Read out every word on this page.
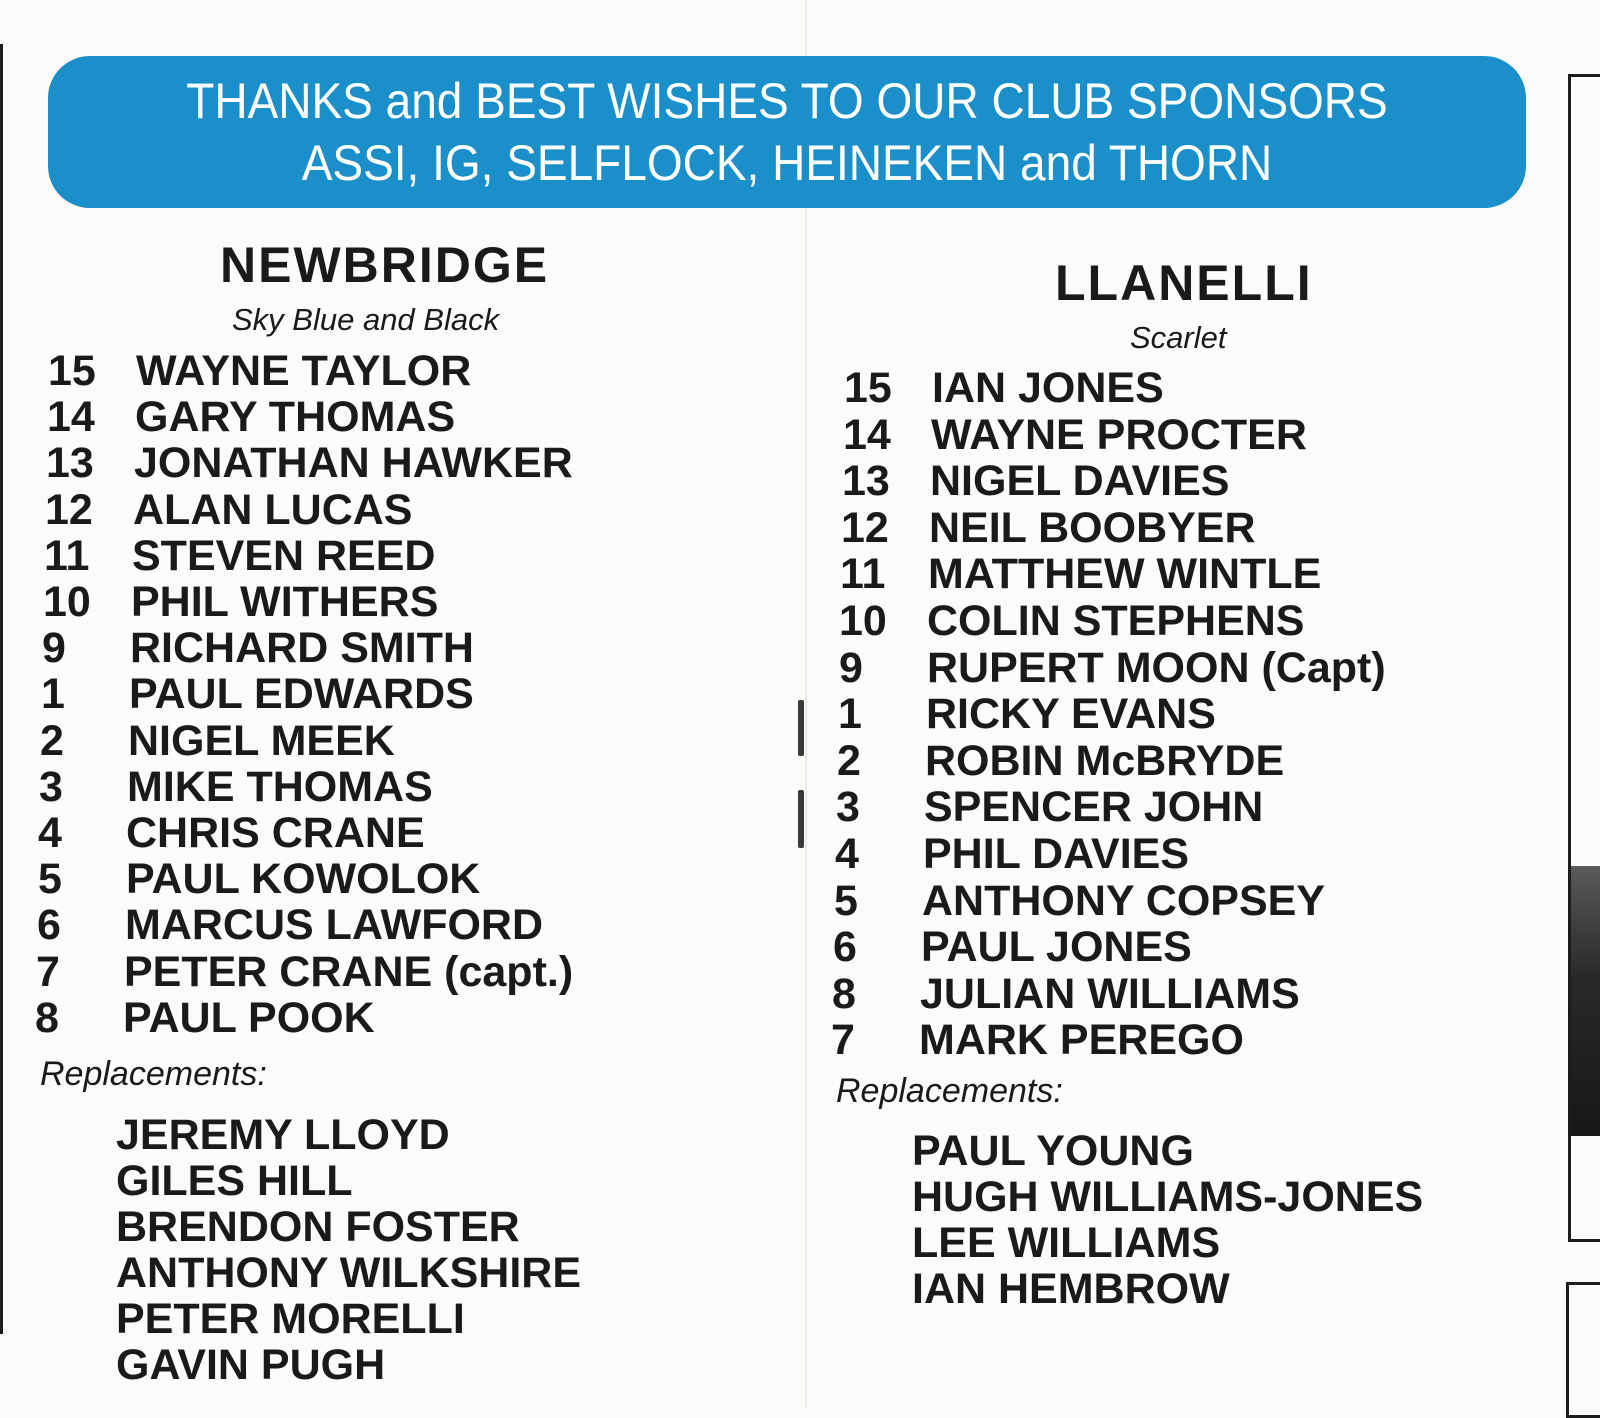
THANKS and BEST WISHES TO OUR CLUB SPONSORS
ASSI, IG, SELFLOCK, HEINEKEN and THORN
NEWBRIDGE
Sky Blue and Black
15 WAYNE TAYLOR
14 GARY THOMAS
13 JONATHAN HAWKER
12 ALAN LUCAS
11 STEVEN REED
10 PHIL WITHERS
9 RICHARD SMITH
1 PAUL EDWARDS
2 NIGEL MEEK
3 MIKE THOMAS
4 CHRIS CRANE
5 PAUL KOWOLOK
6 MARCUS LAWFORD
7 PETER CRANE (capt.)
8 PAUL POOK
Replacements:
JEREMY LLOYD
GILES HILL
BRENDON FOSTER
ANTHONY WILKSHIRE
PETER MORELLI
GAVIN PUGH
LLANELLI
Scarlet
15 IAN JONES
14 WAYNE PROCTER
13 NIGEL DAVIES
12 NEIL BOOBYER
11 MATTHEW WINTLE
10 COLIN STEPHENS
9 RUPERT MOON (Capt)
1 RICKY EVANS
2 ROBIN McBRYDE
3 SPENCER JOHN
4 PHIL DAVIES
5 ANTHONY COPSEY
6 PAUL JONES
8 JULIAN WILLIAMS
7 MARK PEREGO
Replacements:
PAUL YOUNG
HUGH WILLIAMS-JONES
LEE WILLIAMS
IAN HEMBROW
